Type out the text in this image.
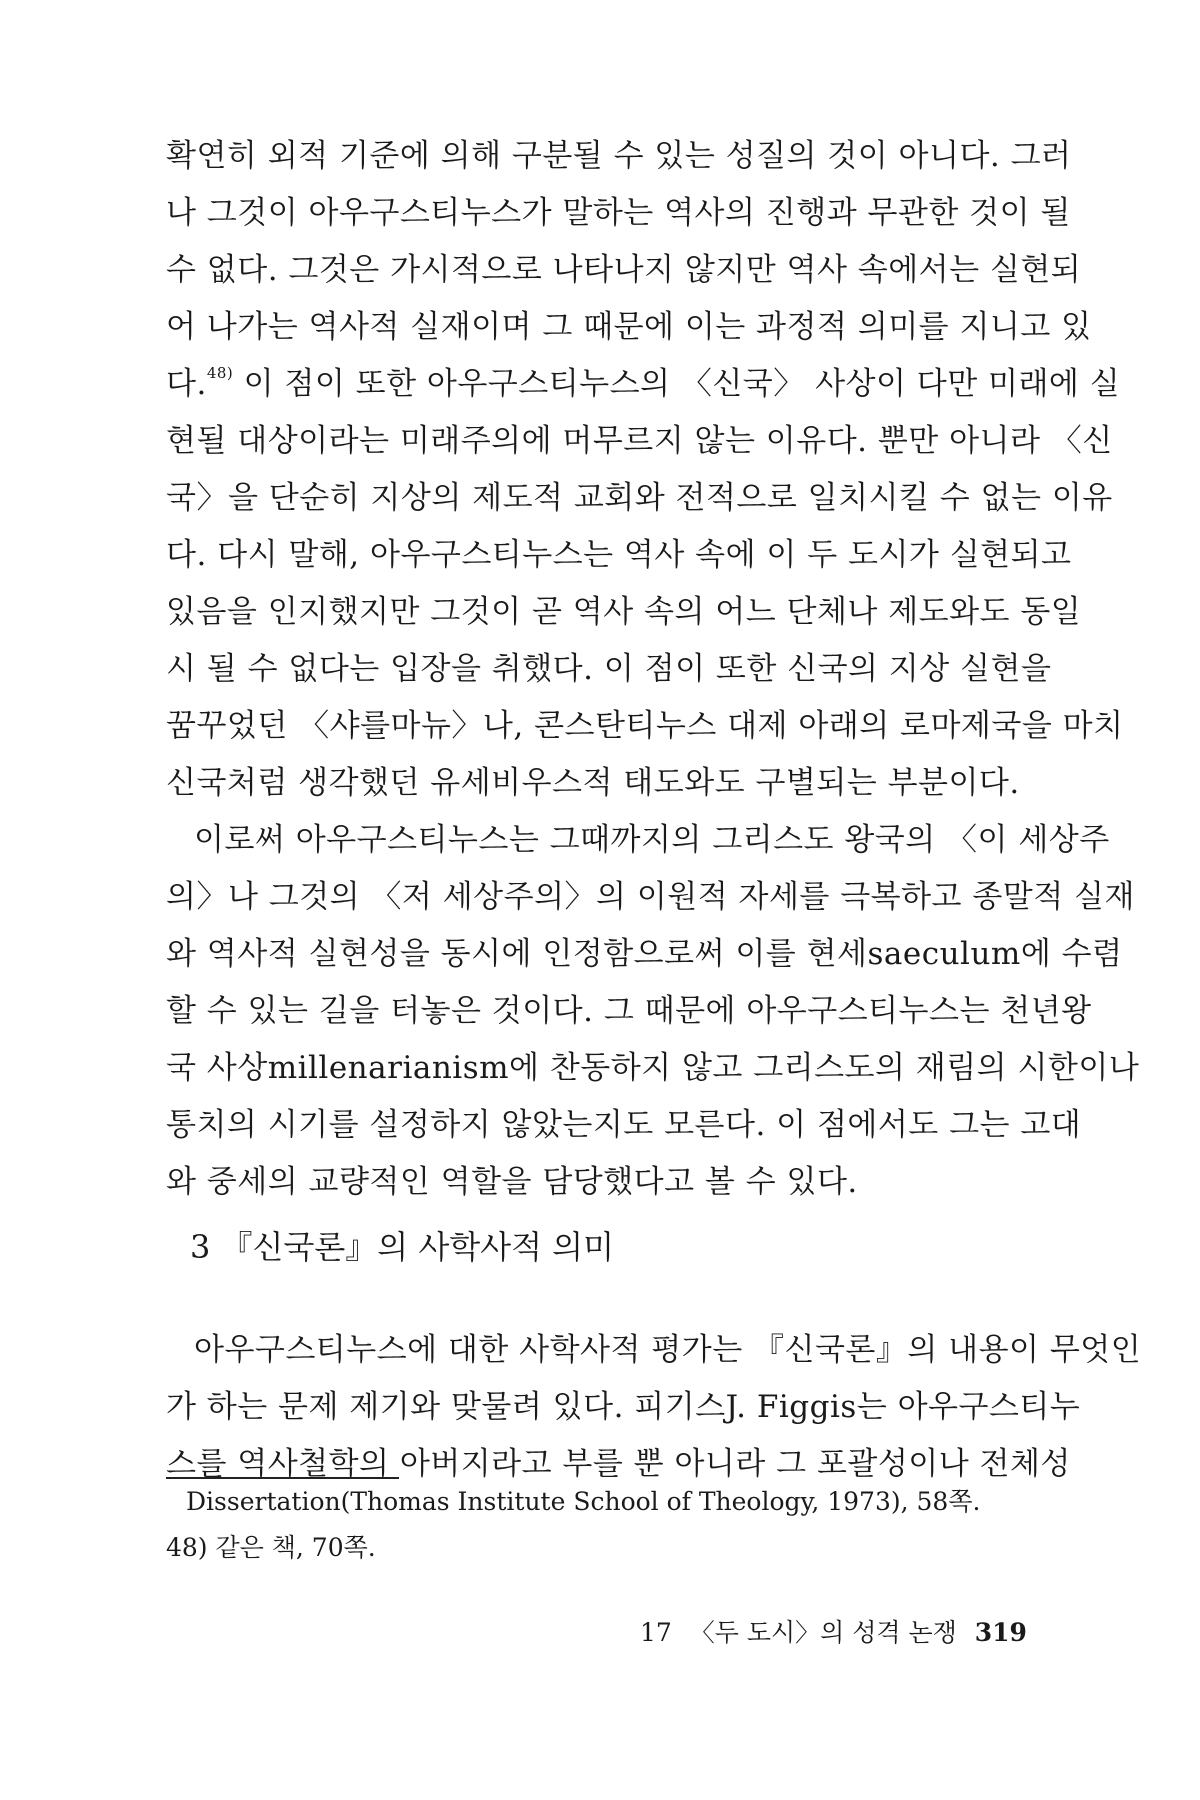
확연히 외적 기준에 의해 구분될 수 있는 성질의 것이 아니다. 그러
나 그것이 아우구스티누스가 말하는 역사의 진행과 무관한 것이 될
수 없다. 그것은 가시적으로 나타나지 않지만 역사 속에서는 실현되
어 나가는 역사적 실재이며 그 때문에 이는 과정적 의미를 지니고 있
다.$^{48)}$ 이 점이 또한 아우구스티누스의 〈신국〉 사상이 다만 미래에 실
현될 대상이라는 미래주의에 머무르지 않는 이유다. 뿐만 아니라 〈신
국〉을 단순히 지상의 제도적 교회와 전적으로 일치시킬 수 없는 이유
다. 다시 말해, 아우구스티누스는 역사 속에 이 두 도시가 실현되고
있음을 인지했지만 그것이 곧 역사 속의 어느 단체나 제도와도 동일
시 될 수 없다는 입장을 취했다. 이 점이 또한 신국의 지상 실현을
꿈꾸었던 〈샤를마뉴〉나, 콘스탄티누스 대제 아래의 로마제국을 마치
신국처럼 생각했던 유세비우스적 태도와도 구별되는 부분이다.
이로써 아우구스티누스는 그때까지의 그리스도 왕국의 〈이 세상주
의〉나 그것의 〈저 세상주의〉의 이원적 자세를 극복하고 종말적 실재
와 역사적 실현성을 동시에 인정함으로써 이를 현세saeculum에 수렴
할 수 있는 길을 터놓은 것이다. 그 때문에 아우구스티누스는 천년왕
국 사상millenarianism에 찬동하지 않고 그리스도의 재림의 시한이나
통치의 시기를 설정하지 않았는지도 모른다. 이 점에서도 그는 고대
와 중세의 교량적인 역할을 담당했다고 볼 수 있다.
3 『신국론』의 사학사적 의미
아우구스티누스에 대한 사학사적 평가는 『신국론』의 내용이 무엇인
가 하는 문제 제기와 맞물려 있다. 피기스J. Figgis는 아우구스티누
스를 역사철학의 아버지라고 부를 뿐 아니라 그 포괄성이나 전체성
Dissertation(Thomas Institute School of Theology, 1973), 58쪽.
48) 같은 책, 70쪽.
17 〈두 도시〉의 성격 논쟁 319
